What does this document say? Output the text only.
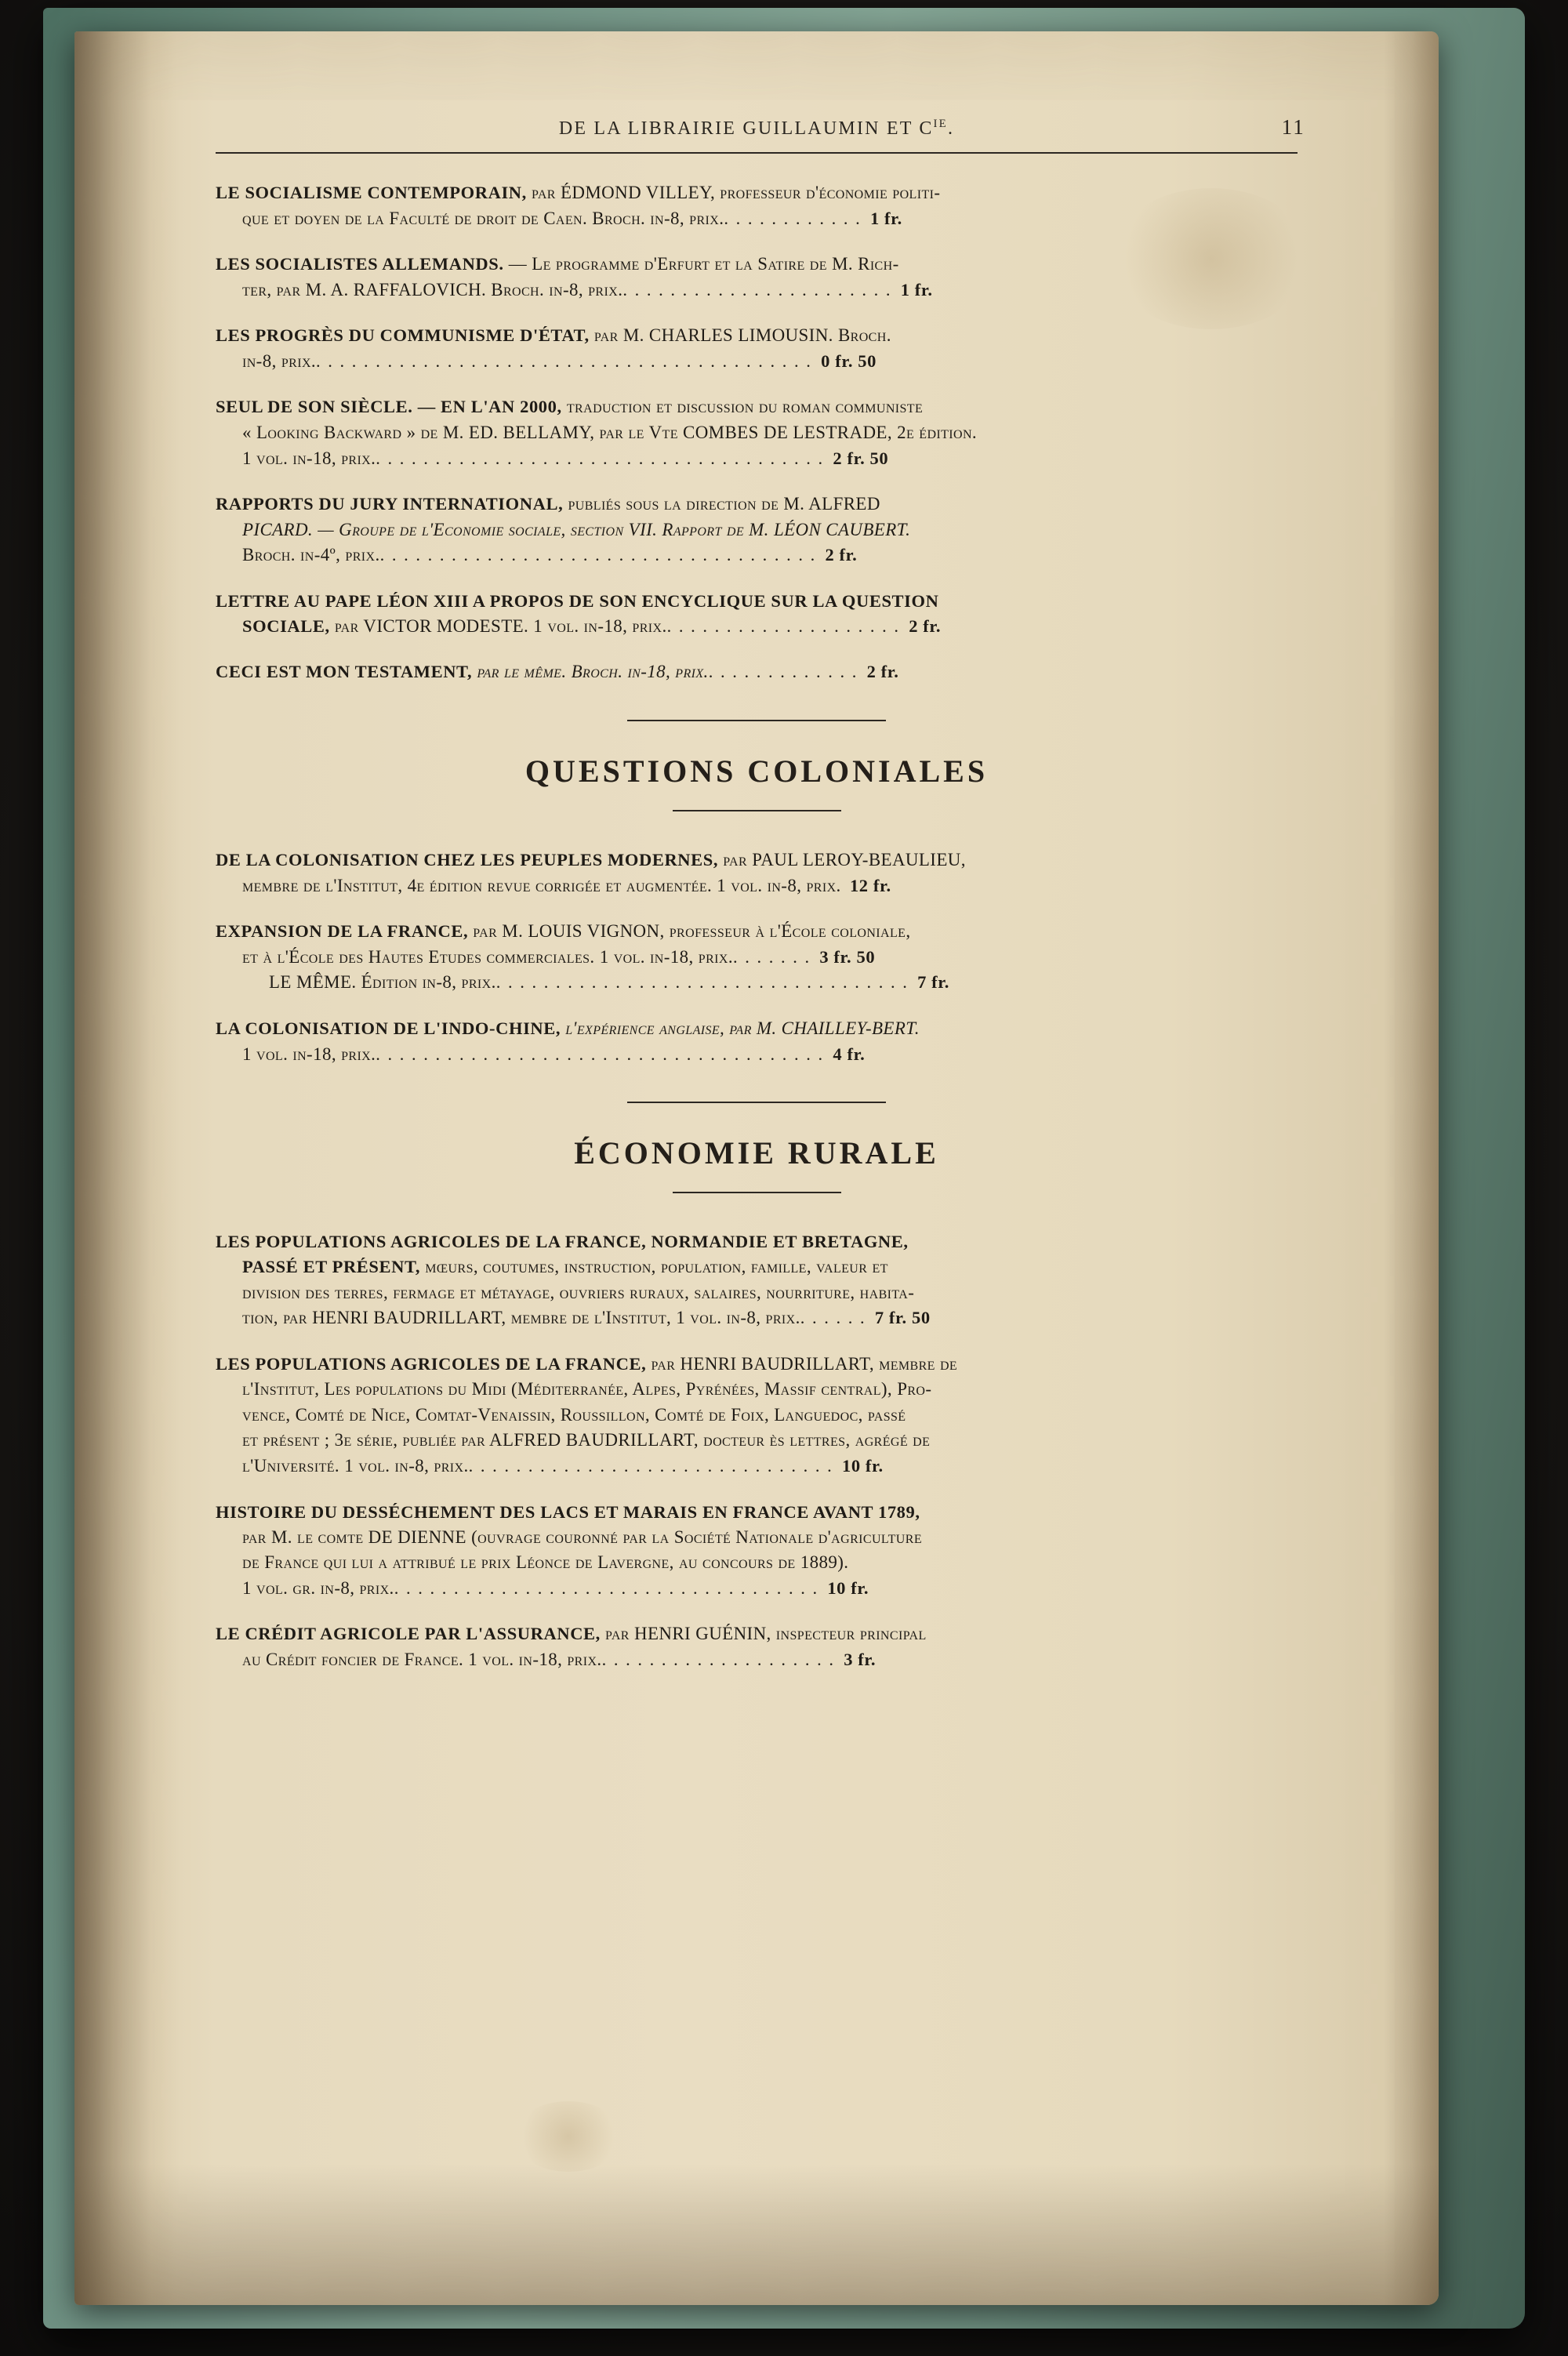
DE LA LIBRAIRIE GUILLAUMIN ET $C^{IE}$.	11

LE SOCIALISME CONTEMPORAIN, par ÉDMOND VILLEY, professeur d'économie politi-
que et doyen de la Faculté de droit de Caen. Broch. in-8, prix.. . . . . . . . . . . . 1 fr.

LES SOCIALISTES ALLEMANDS. — Le programme d'Erfurt et la Satire de M. Rich-
ter, par M. A. RAFFALOVICH. Broch. in-8, prix.. . . . . . . . . . . . . . . . . . . . . . . 1 fr.

LES PROGRÈS DU COMMUNISME D'ÉTAT, par M. CHARLES LIMOUSIN. Broch.
in-8, prix.. . . . . . . . . . . . . . . . . . . . . . . . . . . . . . . . . . . . . . . . . . 0 fr. 50

SEUL DE SON SIÈCLE. — EN L'AN 2000, traduction et discussion du roman communiste
« Looking Backward » de M. ED. BELLAMY, par le Vte COMBES DE LESTRADE, 2e édition.
1 vol. in-18, prix.. . . . . . . . . . . . . . . . . . . . . . . . . . . . . . . . . . . . . . 2 fr. 50

RAPPORTS DU JURY INTERNATIONAL, publiés sous la direction de M. ALFRED
PICARD. — Groupe de l'Economie sociale, section VII. Rapport de M. LÉON CAUBERT.
Broch. in-4º, prix.. . . . . . . . . . . . . . . . . . . . . . . . . . . . . . . . . . . . . 2 fr.

LETTRE AU PAPE LÉON XIII A PROPOS DE SON ENCYCLIQUE SUR LA QUESTION
SOCIALE, par VICTOR MODESTE. 1 vol. in-18, prix.. . . . . . . . . . . . . . . . . . . . 2 fr.

CECI EST MON TESTAMENT, par le même. Broch. in-18, prix.. . . . . . . . . . . . . 2 fr.

QUESTIONS COLONIALES

DE LA COLONISATION CHEZ LES PEUPLES MODERNES, par PAUL LEROY-BEAULIEU,
membre de l'Institut, 4e édition revue corrigée et augmentée. 1 vol. in-8, prix. 12 fr.

EXPANSION DE LA FRANCE, par M. LOUIS VIGNON, professeur à l'École coloniale,
et à l'École des Hautes Etudes commerciales. 1 vol. in-18, prix.. . . . . . . 3 fr. 50
LE MÊME. Édition in-8, prix.. . . . . . . . . . . . . . . . . . . . . . . . . . . . . . . . . . . 7 fr.

LA COLONISATION DE L'INDO-CHINE, l'expérience anglaise, par M. CHAILLEY-BERT.
1 vol. in-18, prix.. . . . . . . . . . . . . . . . . . . . . . . . . . . . . . . . . . . . . . 4 fr.

ÉCONOMIE RURALE

LES POPULATIONS AGRICOLES DE LA FRANCE, NORMANDIE ET BRETAGNE,
PASSÉ ET PRÉSENT, mœurs, coutumes, instruction, population, famille, valeur et
division des terres, fermage et métayage, ouvriers ruraux, salaires, nourriture, habita-
tion, par HENRI BAUDRILLART, membre de l'Institut, 1 vol. in-8, prix.. . . . . . 7 fr. 50

LES POPULATIONS AGRICOLES DE LA FRANCE, par HENRI BAUDRILLART, membre de
l'Institut, Les populations du Midi (Méditerranée, Alpes, Pyrénées, Massif central), Pro-
vence, Comté de Nice, Comtat-Venaissin, Roussillon, Comté de Foix, Languedoc, passé
et présent ; 3e série, publiée par ALFRED BAUDRILLART, docteur ès lettres, agrégé de
l'Université. 1 vol. in-8, prix.. . . . . . . . . . . . . . . . . . . . . . . . . . . . . . . 10 fr.

HISTOIRE DU DESSÉCHEMENT DES LACS ET MARAIS EN FRANCE AVANT 1789,
par M. le comte DE DIENNE (ouvrage couronné par la Société Nationale d'agriculture
de France qui lui a attribué le prix Léonce de Lavergne, au concours de 1889).
1 vol. gr. in-8, prix.. . . . . . . . . . . . . . . . . . . . . . . . . . . . . . . . . . . . 10 fr.

LE CRÉDIT AGRICOLE PAR L'ASSURANCE, par HENRI GUÉNIN, inspecteur principal
au Crédit foncier de France. 1 vol. in-18, prix.. . . . . . . . . . . . . . . . . . . . 3 fr.
